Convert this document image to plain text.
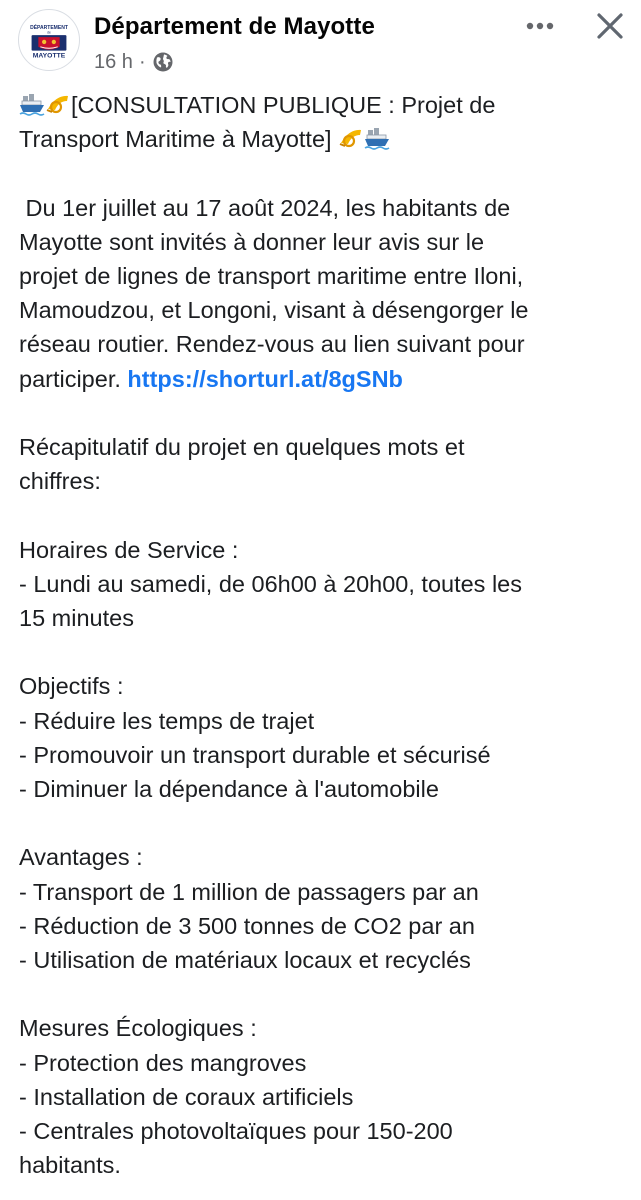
DÉPARTEMENT
de
MAYOTTE
Département de Mayotte
16 h ·

[CONSULTATION PUBLIQUE : Projet de
Transport Maritime à Mayotte]

Du 1er juillet au 17 août 2024, les habitants de
Mayotte sont invités à donner leur avis sur le
projet de lignes de transport maritime entre Iloni,
Mamoudzou, et Longoni, visant à désengorger le
réseau routier. Rendez-vous au lien suivant pour
participer. https://shorturl.at/8gSNb

Récapitulatif du projet en quelques mots et
chiffres:

Horaires de Service :
- Lundi au samedi, de 06h00 à 20h00, toutes les
15 minutes

Objectifs :
- Réduire les temps de trajet
- Promouvoir un transport durable et sécurisé
- Diminuer la dépendance à l'automobile

Avantages :
- Transport de 1 million de passagers par an
- Réduction de 3 500 tonnes de CO2 par an
- Utilisation de matériaux locaux et recyclés

Mesures Écologiques :
- Protection des mangroves
- Installation de coraux artificiels
- Centrales photovoltaïques pour 150-200
habitants.
